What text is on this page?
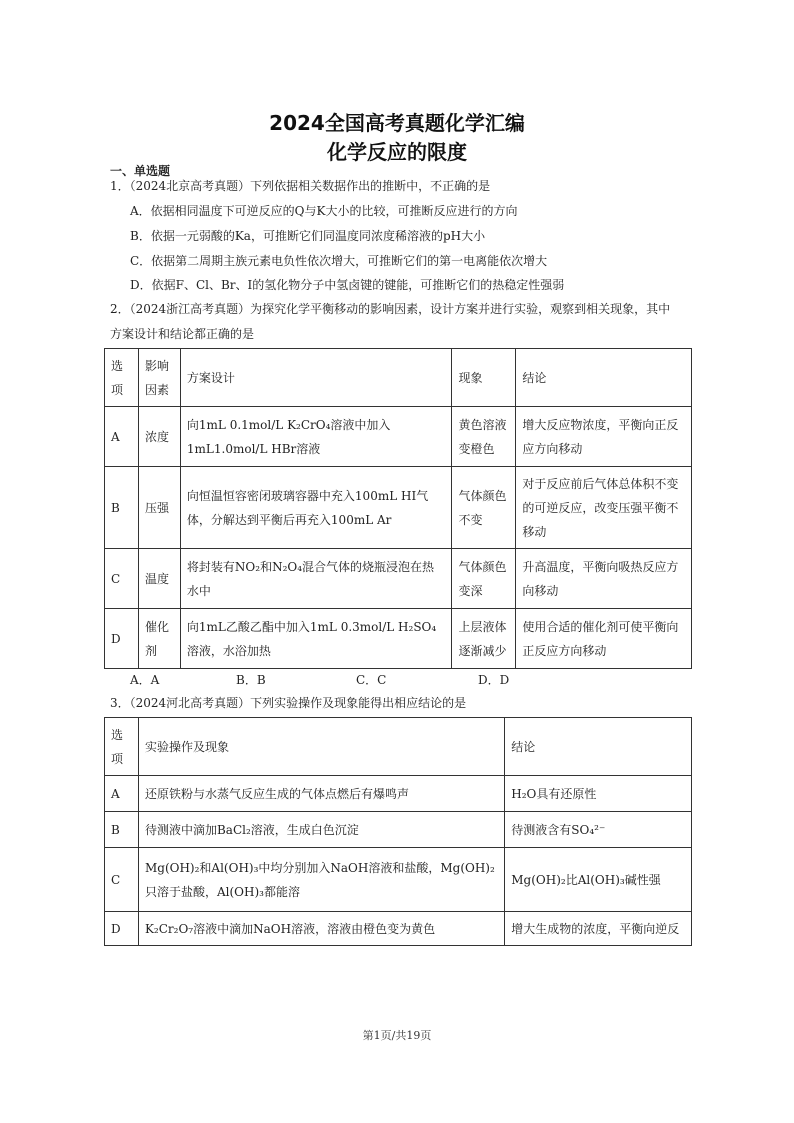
2024全国高考真题化学汇编
化学反应的限度
一、单选题
1．（2024北京高考真题）下列依据相关数据作出的推断中，不正确的是
A．依据相同温度下可逆反应的Q与K大小的比较，可推断反应进行的方向
B．依据一元弱酸的Ka，可推断它们同温度同浓度稀溶液的pH大小
C．依据第二周期主族元素电负性依次增大，可推断它们的第一电离能依次增大
D．依据F、Cl、Br、I的氢化物分子中氢卤键的键能，可推断它们的热稳定性强弱
2．（2024浙江高考真题）为探究化学平衡移动的影响因素，设计方案并进行实验，观察到相关现象，其中
方案设计和结论都正确的是
选项	影响因素	方案设计	现象	结论
A	浓度	向1mL 0.1mol/L K₂CrO₄溶液中加入1mL1.0mol/L HBr溶液	黄色溶液变橙色	增大反应物浓度，平衡向正反应方向移动
B	压强	向恒温恒容密闭玻璃容器中充入100mL HI气体，分解达到平衡后再充入100mL Ar	气体颜色不变	对于反应前后气体总体积不变的可逆反应，改变压强平衡不移动
C	温度	将封装有NO₂和N₂O₄混合气体的烧瓶浸泡在热水中	气体颜色变深	升高温度，平衡向吸热反应方向移动
D	催化剂	向1mL乙酸乙酯中加入1mL 0.3mol/L H₂SO₄溶液，水浴加热	上层液体逐渐减少	使用合适的催化剂可使平衡向正反应方向移动
A．A	B．B	C．C	D．D
3．（2024河北高考真题）下列实验操作及现象能得出相应结论的是
选项	实验操作及现象	结论
A	还原铁粉与水蒸气反应生成的气体点燃后有爆鸣声	H₂O具有还原性
B	待测液中滴加BaCl₂溶液，生成白色沉淀	待测液含有SO₄²⁻
C	Mg(OH)₂和Al(OH)₃中均分别加入NaOH溶液和盐酸，Mg(OH)₂只溶于盐酸，Al(OH)₃都能溶	Mg(OH)₂比Al(OH)₃碱性强
D	K₂Cr₂O₇溶液中滴加NaOH溶液，溶液由橙色变为黄色	增大生成物的浓度，平衡向逆反
第1页/共19页
